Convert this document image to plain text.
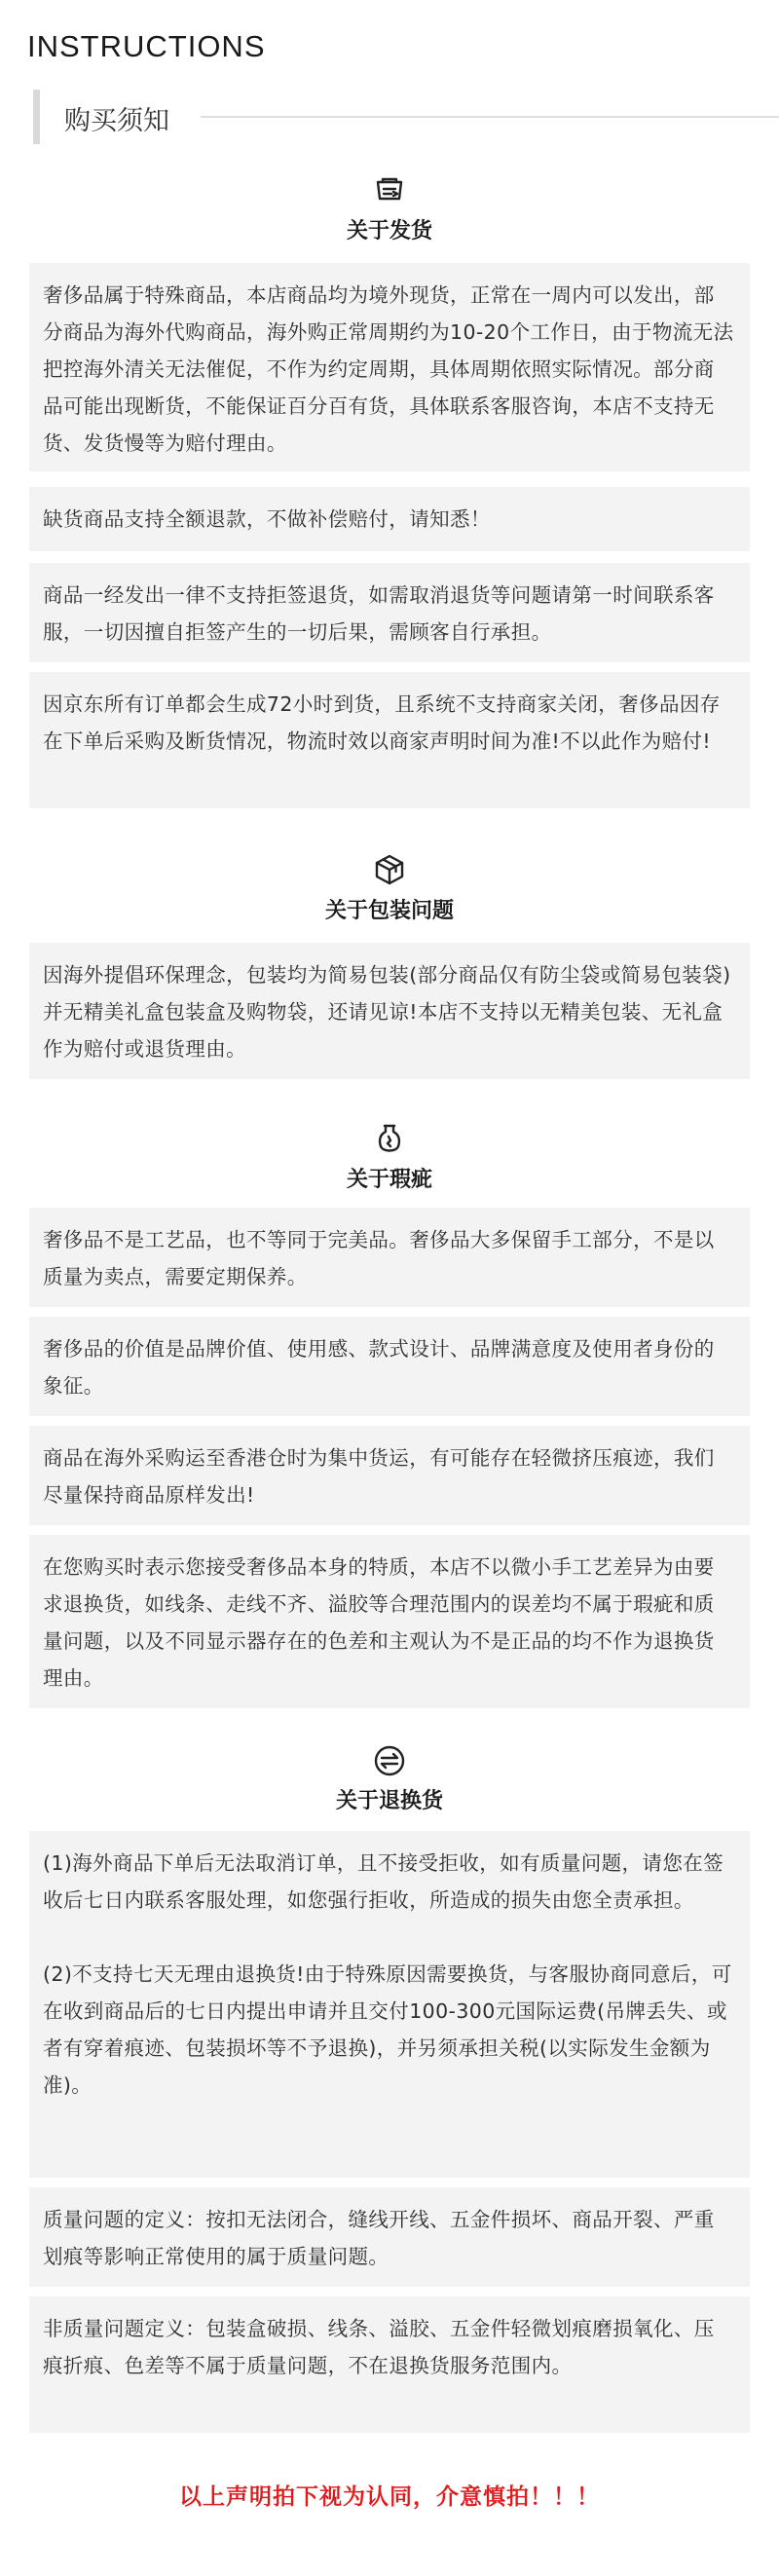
INSTRUCTIONS
购买须知
关于发货

奢侈品属于特殊商品，本店商品均为境外现货，正常在一周内可以发出，部分商品为海外代购商品，海外购正常周期约为10-20个工作日，由于物流无法把控海外清关无法催促，不作为约定周期，具体周期依照实际情况。部分商品可能出现断货，不能保证百分百有货，具体联系客服咨询，本店不支持无货、发货慢等为赔付理由。

缺货商品支持全额退款，不做补偿赔付，请知悉！

商品一经发出一律不支持拒签退货，如需取消退货等问题请第一时间联系客服，一切因擅自拒签产生的一切后果，需顾客自行承担。

因京东所有订单都会生成72小时到货，且系统不支持商家关闭，奢侈品因存在下单后采购及断货情况，物流时效以商家声明时间为准!不以此作为赔付!

关于包装问题

因海外提倡环保理念，包装均为简易包装(部分商品仅有防尘袋或简易包装袋)并无精美礼盒包装盒及购物袋，还请见谅!本店不支持以无精美包装、无礼盒作为赔付或退货理由。

关于瑕疵

奢侈品不是工艺品，也不等同于完美品。奢侈品大多保留手工部分，不是以质量为卖点，需要定期保养。

奢侈品的价值是品牌价值、使用感、款式设计、品牌满意度及使用者身份的象征。

商品在海外采购运至香港仓时为集中货运，有可能存在轻微挤压痕迹，我们尽量保持商品原样发出!

在您购买时表示您接受奢侈品本身的特质，本店不以微小手工艺差异为由要求退换货，如线条、走线不齐、溢胶等合理范围内的误差均不属于瑕疵和质量问题，以及不同显示器存在的色差和主观认为不是正品的均不作为退换货理由。

关于退换货

(1)海外商品下单后无法取消订单，且不接受拒收，如有质量问题，请您在签收后七日内联系客服处理，如您强行拒收，所造成的损失由您全责承担。

(2)不支持七天无理由退换货!由于特殊原因需要换货，与客服协商同意后，可在收到商品后的七日内提出申请并且交付100-300元国际运费(吊牌丢失、或者有穿着痕迹、包装损坏等不予退换)，并另须承担关税(以实际发生金额为准)。

质量问题的定义：按扣无法闭合，缝线开线、五金件损坏、商品开裂、严重划痕等影响正常使用的属于质量问题。

非质量问题定义：包装盒破损、线条、溢胶、五金件轻微划痕磨损氧化、压痕折痕、色差等不属于质量问题，不在退换货服务范围内。

以上声明拍下视为认同，介意慎拍！！！
